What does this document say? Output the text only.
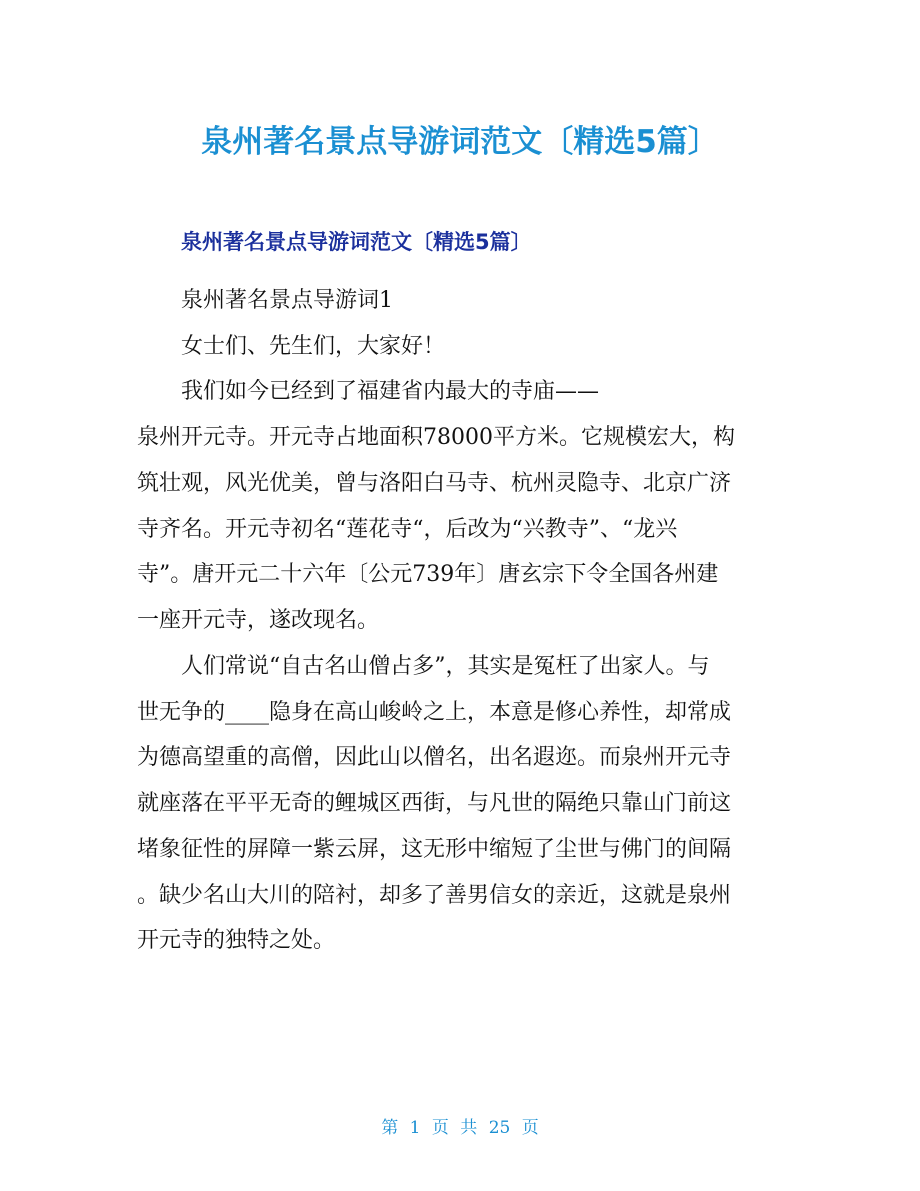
泉州著名景点导游词范文〔精选5篇〕
泉州著名景点导游词范文〔精选5篇〕
泉州著名景点导游词1
女士们、先生们，大家好！
我们如今已经到了福建省内最大的寺庙——
泉州开元寺。开元寺占地面积78000平方米。它规模宏大，构
筑壮观，风光优美，曾与洛阳白马寺、杭州灵隐寺、北京广济
寺齐名。开元寺初名“莲花寺“，后改为“兴教寺”、“龙兴
寺”。唐开元二十六年〔公元739年〕唐玄宗下令全国各州建
一座开元寺，遂改现名。
人们常说“自古名山僧占多”，其实是冤枉了出家人。与
世无争的____隐身在高山峻岭之上，本意是修心养性，却常成
为德高望重的高僧，因此山以僧名，出名遐迩。而泉州开元寺
就座落在平平无奇的鲤城区西街，与凡世的隔绝只靠山门前这
堵象征性的屏障一紫云屏，这无形中缩短了尘世与佛门的间隔
。缺少名山大川的陪衬，却多了善男信女的亲近，这就是泉州
开元寺的独特之处。
第 1 页 共 25 页
